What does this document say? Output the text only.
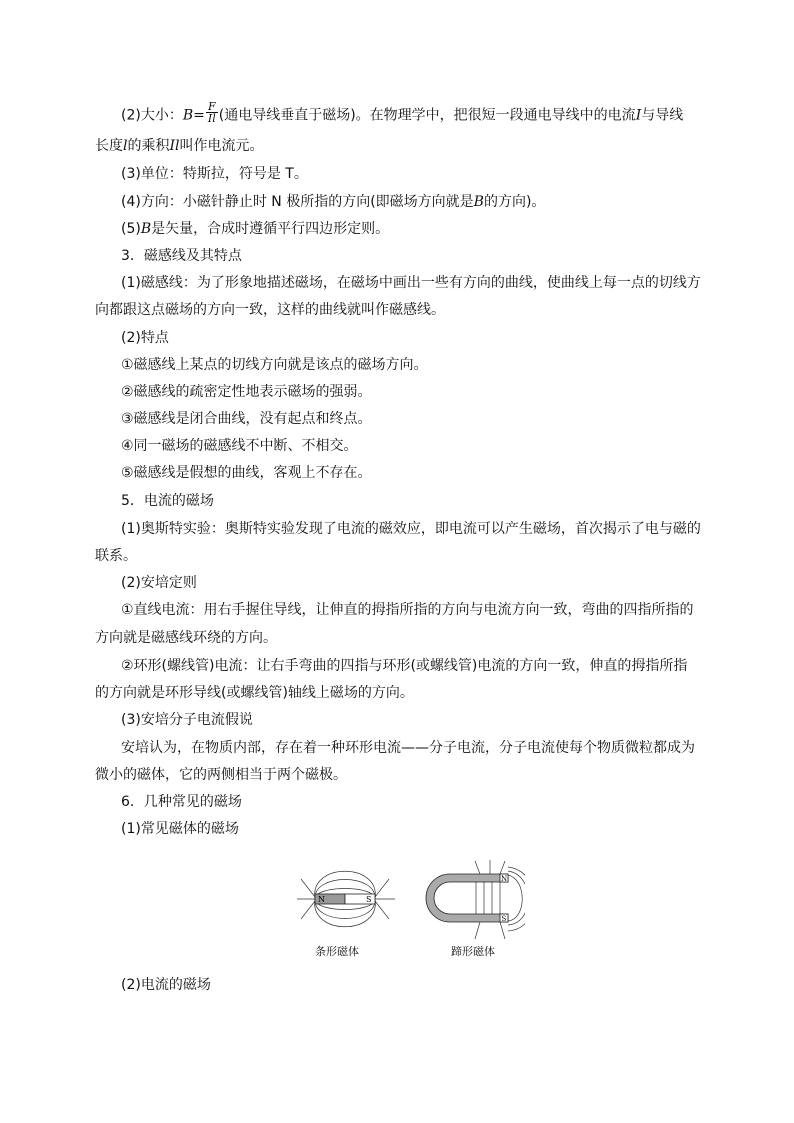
(2)大小：$B= \frac{F}{Il}$ (通电导线垂直于磁场)。在物理学中，把很短一段通电导线中的电流I与导线
长度l的乘积Il叫作电流元。
(3)单位：特斯拉，符号是 T。
(4)方向：小磁针静止时 N 极所指的方向(即磁场方向就是B的方向)。
(5)B是矢量，合成时遵循平行四边形定则。
3．磁感线及其特点
(1)磁感线：为了形象地描述磁场，在磁场中画出一些有方向的曲线，使曲线上每一点的切线方
向都跟这点磁场的方向一致，这样的曲线就叫作磁感线。
(2)特点
①磁感线上某点的切线方向就是该点的磁场方向。
②磁感线的疏密定性地表示磁场的强弱。
③磁感线是闭合曲线，没有起点和终点。
④同一磁场的磁感线不中断、不相交。
⑤磁感线是假想的曲线，客观上不存在。
5．电流的磁场
(1)奥斯特实验：奥斯特实验发现了电流的磁效应，即电流可以产生磁场，首次揭示了电与磁的
联系。
(2)安培定则
①直线电流：用右手握住导线，让伸直的拇指所指的方向与电流方向一致，弯曲的四指所指的
方向就是磁感线环绕的方向。
②环形(螺线管)电流：让右手弯曲的四指与环形(或螺线管)电流的方向一致，伸直的拇指所指
的方向就是环形导线(或螺线管)轴线上磁场的方向。
(3)安培分子电流假说
安培认为，在物质内部，存在着一种环形电流——分子电流，分子电流使每个物质微粒都成为
微小的磁体，它的两侧相当于两个磁极。
6．几种常见的磁场
(1)常见磁体的磁场
N	S
N
S
条形磁体	蹄形磁体
(2)电流的磁场
